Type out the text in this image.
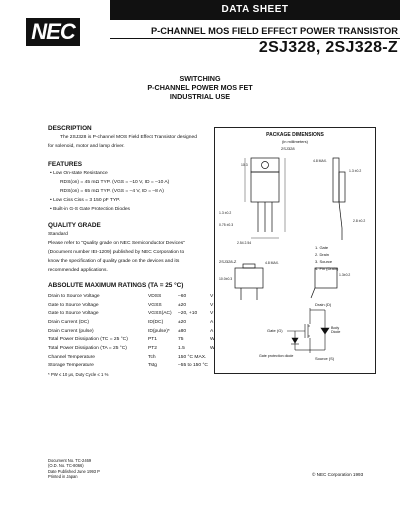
NEC
DATA SHEET
P-CHANNEL MOS FIELD EFFECT POWER TRANSISTOR
2SJ328, 2SJ328-Z
SWITCHING
P-CHANNEL POWER MOS FET
INDUSTRIAL USE
DESCRIPTION
The 2SJ328 is P-channel MOS Field Effect Transistor designed
for solenoid, motor and lamp driver.
FEATURES
• Low On-state Resistance
RDS(on) = 45 mΩ TYP. (VGS = –10 V, ID = –10 A)
RDS(on) = 65 mΩ TYP. (VGS = –4 V, ID = –8 A)
• Low Ciss Ciss = 3 150 pF TYP.
• Built-in G-S Gate Protection Diodes
QUALITY GRADE
Standard
Please refer to "Quality grade on NEC Semiconductor Devices"
(Document number IEI-1209) published by NEC Corporation to
know the specification of quality grade on the devices and its
recommended applications.
ABSOLUTE MAXIMUM RATINGS (TA = 25 °C)
Drain to Source Voltage	VDSS	–60	V
Gate to Source Voltage	VGSS	±20	V
Gate to Source Voltage	VGSS(AC)	–20, +10	V
Drain Current (DC)	ID(DC)	±20	A
Drain Current (pulse)	ID(pulse)*	±80	A
Total Power Dissipation (TC = 25 °C)	PT1	75	W
Total Power Dissipation (TA = 25 °C)	PT2	1.5	W
Channel Temperature	Tch	150 °C MAX.	
Storage Temperature	Tstg	–55 to 150 °C	
* PW ≤ 10 μs, Duty Cycle ≤ 1 %
PACKAGE DIMENSIONS
(in millimeters)
2SJ328
10.3
4.8 MAX.
1.3 ±0.2
1.3 ±0.2
0.75 ±0.3
2.54 2.54
2.8 ±0.2
10.0±0.3
4.8 MAX.
1.3±0.2
1. Gate
2. Drain
3. Source
4. Fin (Drain)
2SJ328-Z
Drain (D)
Gate (G)	Body
Diode
Gate protection diode	Source (S)
Document No. TC-2469
(O.D. No. TC-8066)
Date Published June 1993 P
Printed in Japan	© NEC Corporation 1993
